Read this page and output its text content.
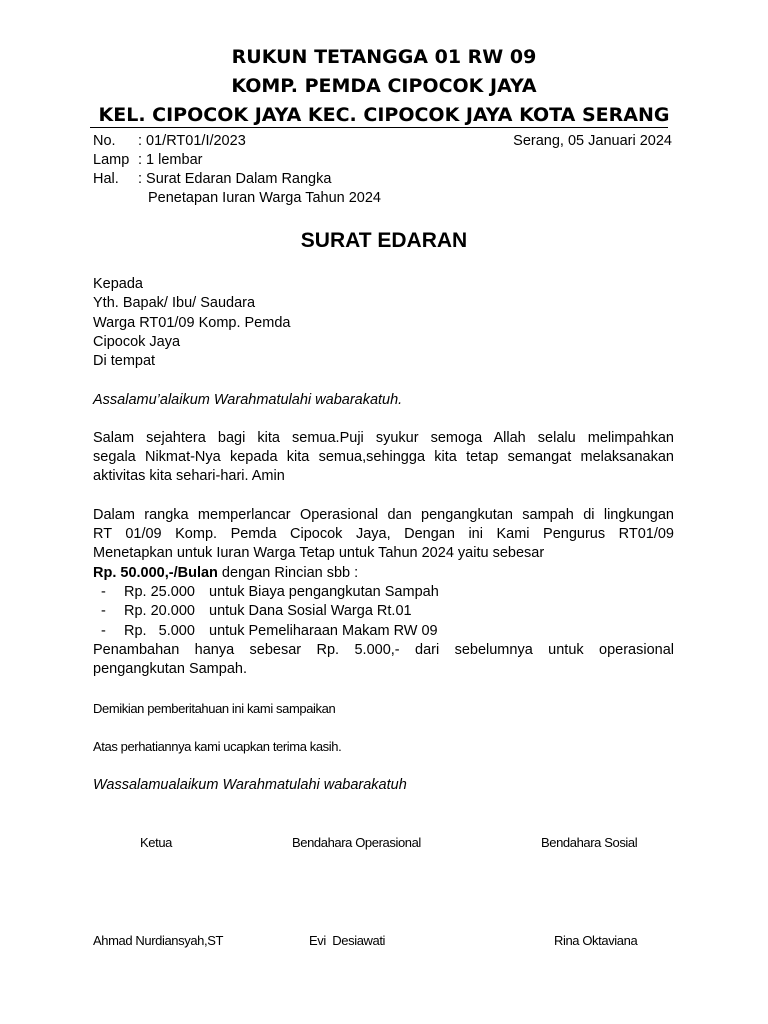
RUKUN TETANGGA 01 RW 09
KOMP. PEMDA CIPOCOK JAYA
KEL. CIPOCOK JAYA KEC. CIPOCOK JAYA KOTA SERANG
No. : 01/RT01/I/2023	Serang, 05 Januari 2024
Lamp : 1 lembar
Hal. : Surat Edaran Dalam Rangka
Penetapan Iuran Warga Tahun 2024
SURAT EDARAN
Kepada
Yth. Bapak/ Ibu/ Saudara
Warga RT01/09 Komp. Pemda
Cipocok Jaya
Di tempat
Assalamu’alaikum Warahmatulahi wabarakatuh.
Salam sejahtera bagi kita semua.Puji syukur semoga Allah selalu melimpahkan
segala Nikmat-Nya kepada kita semua,sehingga kita tetap semangat melaksanakan
aktivitas kita sehari-hari. Amin
Dalam rangka memperlancar Operasional dan pengangkutan sampah di lingkungan
RT 01/09 Komp. Pemda Cipocok Jaya, Dengan ini Kami Pengurus RT01/09
Menetapkan untuk Iuran Warga Tetap untuk Tahun 2024 yaitu sebesar
Rp. 50.000,-/Bulan dengan Rincian sbb :
- Rp. 25.000 untuk Biaya pengangkutan Sampah
- Rp. 20.000 untuk Dana Sosial Warga Rt.01
- Rp.   5.000 untuk Pemeliharaan Makam RW 09
Penambahan hanya sebesar Rp. 5.000,- dari sebelumnya untuk operasional
pengangkutan Sampah.
Demikian pemberitahuan ini kami sampaikan
Atas perhatiannya kami ucapkan terima kasih.
Wassalamualaikum Warahmatulahi wabarakatuh
Ketua	Bendahara Operasional	Bendahara Sosial
Ahmad Nurdiansyah,ST	Evi  Desiawati	Rina Oktaviana
